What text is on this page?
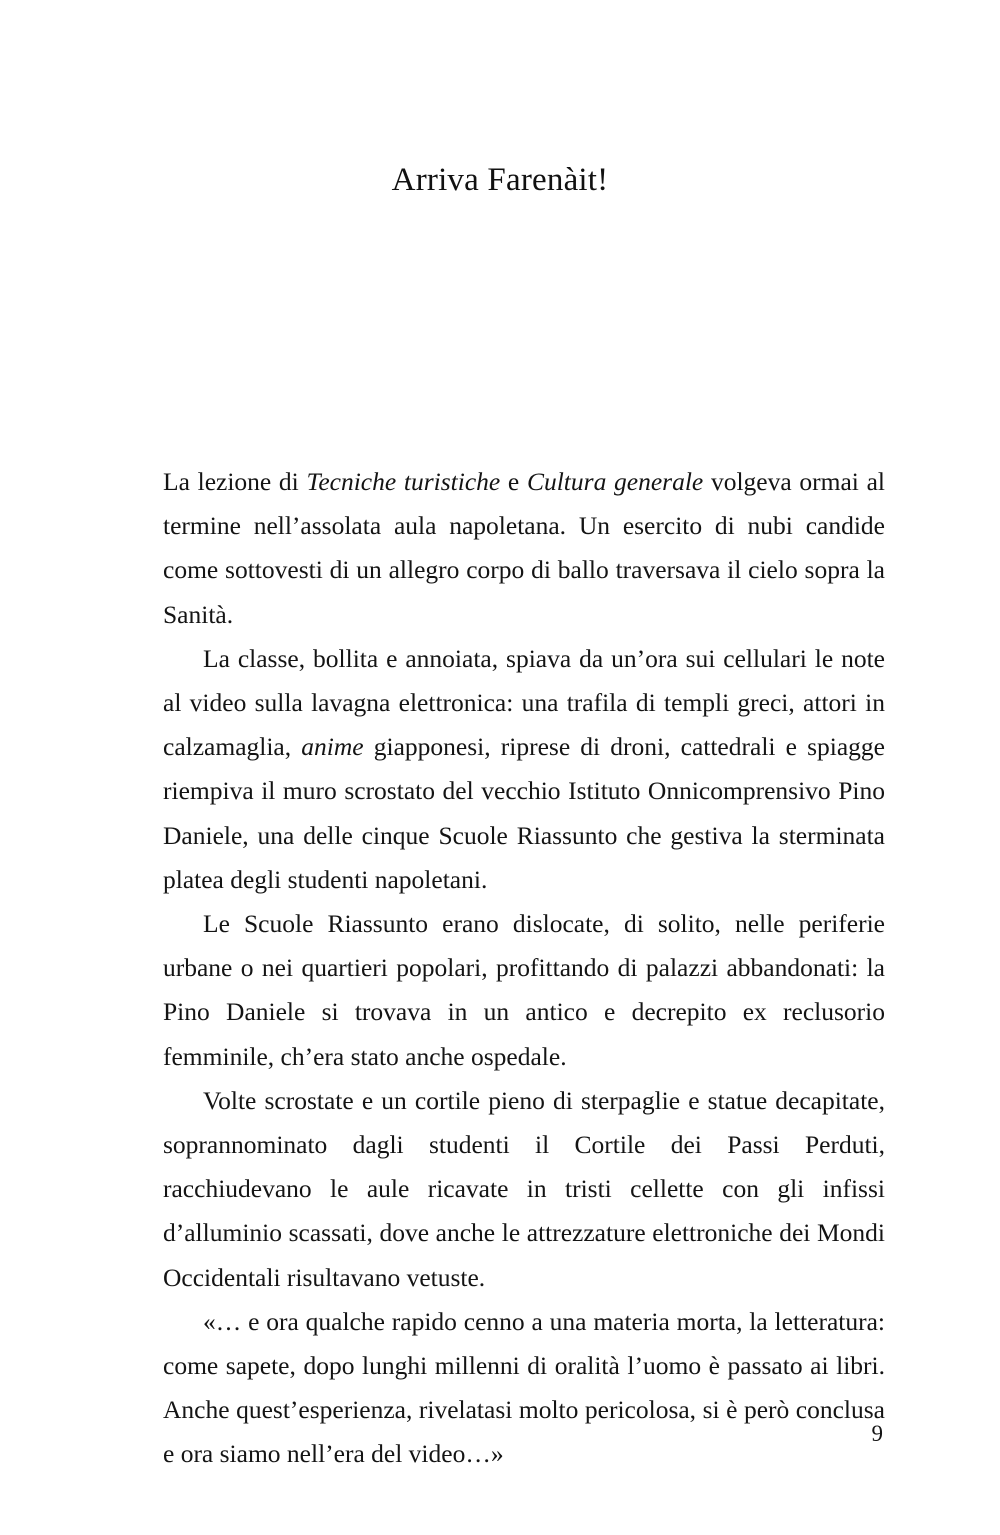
Arriva Farenàit!

La lezione di Tecniche turistiche e Cultura generale volgeva ormai al termine nell’assolata aula napoletana. Un esercito di nubi candide come sottovesti di un allegro corpo di ballo traversava il cielo sopra la Sanità.

La classe, bollita e annoiata, spiava da un’ora sui cellulari le note al video sulla lavagna elettronica: una trafila di templi greci, attori in calzamaglia, anime giapponesi, riprese di droni, cattedrali e spiagge riempiva il muro scrostato del vecchio Istituto Onnicomprensivo Pino Daniele, una delle cinque Scuole Riassunto che gestiva la sterminata platea degli studenti napoletani.

Le Scuole Riassunto erano dislocate, di solito, nelle periferie urbane o nei quartieri popolari, profittando di palazzi abbandonati: la Pino Daniele si trovava in un antico e decrepito ex reclusorio femminile, ch’era stato anche ospedale.

Volte scrostate e un cortile pieno di sterpaglie e statue decapitate, soprannominato dagli studenti il Cortile dei Passi Perduti, racchiudevano le aule ricavate in tristi cellette con gli infissi d’alluminio scassati, dove anche le attrezzature elettroniche dei Mondi Occidentali risultavano vetuste.

«… e ora qualche rapido cenno a una materia morta, la letteratura: come sapete, dopo lunghi millenni di oralità l’uomo è passato ai libri. Anche quest’esperienza, rivelatasi molto pericolosa, si è però conclusa e ora siamo nell’era del video…»

9
